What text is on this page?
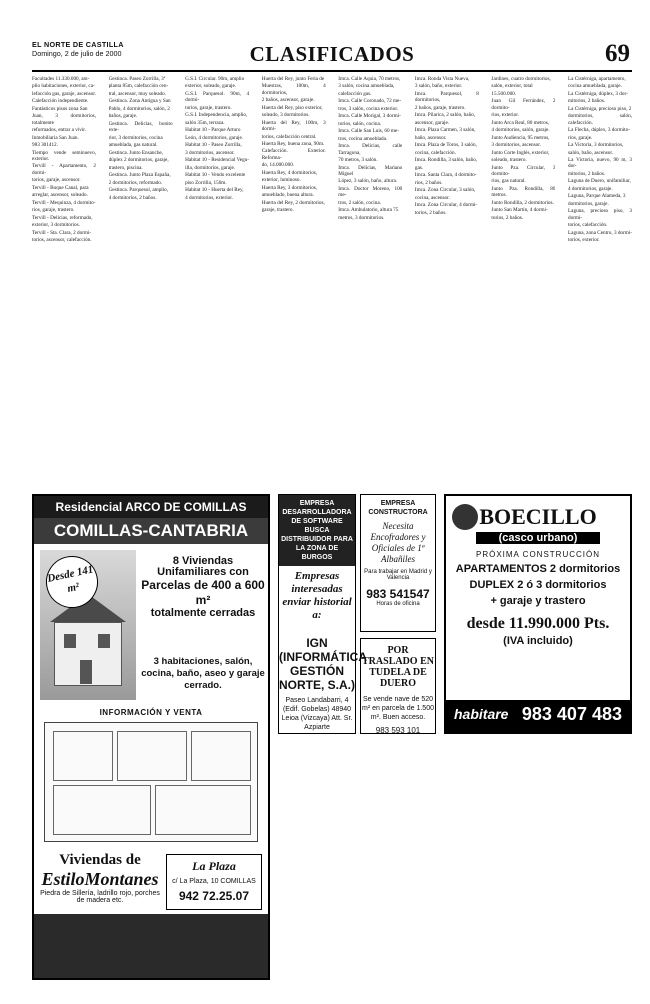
EL NORTE DE CASTILLA
Domingo, 2 de julio de 2000	CLASIFICADOS	69

Facultades 11.330.000, am-

plio habitaciones, exterior, ca-

lefacción gas, garaje, ascensor.

Calefacción independiente.

Fantásticos pisos zona San

Juan, 3 dormitorios, totalmente

reformados, entrar a vivir.

Inmobiliaria San Juan.

983 301412.

Tiempo vende seminuevo, exterior.

Tervill - Apartamento, 2 dormi-

torios, garaje, ascensor.

Tervill - Buque Canal, para

arreglar, ascensor, soleado.

Tervill - Mequinza, 4 dormito-

rios, garaje, trastero.

Tervill - Delicias, reformado,

exterior, 3 dormitorios.

Tervill - Sta. Clara, 2 dormi-

torios, ascensor, calefacción.

Gestinca. Paseo Zorrilla, 3ª

planta 85m, calefacción cen-

tral, ascensor, muy soleado.

Gestinca. Zona Antigua y San

Pablo, 4 dormitorios, salón, 2

baños, garaje.

Gestinca. Delicias, bonito exte-

rior, 3 dormitorios, cocina

amueblada, gas natural.

Gestinca. Junto Ensanche,

dúplex 2 dormitorios, garaje,

trastero, piscina.

Gestinca. Junto Plaza España,

2 dormitorios, reformado.

Gestinca. Parquesol, amplio,

4 dormitorios, 2 baños.

G.S.I. Circular. 90m, amplio

exterior, soleado, garaje.

G.S.I. Parquesol. 90m, 4 dormi-

torios, garaje, trastero.

G.S.I. Independencia, amplio,

salón 35m, terraza.

Habitat 10 - Parque Arturo

León, 4 dormitorios, garaje.

Habitat 10 - Paseo Zorrilla,

3 dormitorios, ascensor.

Habitat 10 - Residencial Vegu-

illa, dormitorios, garaje.

Habitat 10 - Vendo excelente

piso Zorrilla, 150m.

Habitat 10 - Huerta del Rey,

4 dormitorios, exterior.

Huerta del Rey, junto Feria de

Muestras, 100m, 4 dormitorios,

2 baños, ascensor, garaje.

Huerta del Rey, piso exterior,

soleado, 3 dormitorios.

Huerta del Rey, 100m, 3 dormi-

torios, calefacción central.

Huerta Rey, buena zona, 90m.

Calefacción. Exterior. Reforma-

do, 14.000.000.

Huerta Rey, 4 dormitorios,

exterior, luminoso.

Huerta Rey, 3 dormitorios,

amueblado, buena altura.

Huerta del Rey, 2 dormitorios,

garaje, trastero.

Imca. Calle Aquia, 70 metros,

3 salón, cocina amueblada,

calefacción gas.

Imca. Calle Coronado, 72 me-

tros, 3 salón, cocina exterior.

Imca. Calle Morigal, 3 dormi-

torios, salón, cocina.

Imca. Calle San Luis, 60 me-

tros, cocina amueblada.

Imca. Delicias, calle Tarragona,

70 metros, 3 salón.

Imca. Delicias, Mariano Miguel

López, 3 salón, baño, altura.

Imca. Doctor Moreno, 100 me-

tros, 2 salón, cocina.

Imca. Ambulatorio, altura 75

metros, 3 dormitorios.

Imca. Ronda Vista Nueva,

3 salón, baño, exterior.

Imca. Parquesol, 8 dormitorios,

2 baños, garaje, trastero.

Imca. Pilarica, 2 salón, baño,

ascensor, garaje.

Imca. Plaza Carmen, 3 salón,

baño, ascensor.

Imca. Plaza de Toros, 3 salón,

cocina, calefacción.

Imca. Rondilla, 3 salón, baño,

gas.

Imca. Santa Clara, 4 dormito-

rios, 2 baños.

Imca. Zona Circular, 3 salón,

cocina, ascensor.

Imca. Zona Circular, 4 dormi-

torios, 2 baños.

Jardines, cuatro dormitorios,

salón, exterior, total

15.500.000.

Juan Gil Ferrández, 2 dormito-

rios, exterior.

Junto Arca Real, 80 metros,

4 dormitorios, salón, garaje.

Junto Audiencia, 95 metros,

3 dormitorios, ascensor.

Junto Corte Inglés, exterior,

soleado, trastero.

Junto Pza. Circular, 3 dormito-

rios, gas natural.

Junto Pza. Rondilla, 80 metros.

Junto Rondilla, 2 dormitorios.

Junto San Martín, 4 dormi-

torios, 2 baños.

La Cistérniga, apartamento,

cocina amueblada, garaje.

La Cistérniga, dúplex, 3 dor-

mitorios, 2 baños.

La Cistérniga, precioso piso, 2

dormitorios, salón, calefacción.

La Flecha, dúplex, 3 dormito-

rios, garaje.

La Victoria, 3 dormitorios,

salón, baño, ascensor.

La Victoria, nuevo, 90 m, 3 dor-

mitorios, 2 baños.

Laguna de Duero, unifamiliar,

4 dormitorios, garaje.

Laguna, Parque Alameda, 3

dormitorios, garaje.

Laguna, precioso piso, 3 dormi-

torios, calefacción.

Laguna, zona Centro, 3 dormi-

torios, exterior.

Residencial ARCO DE COMILLAS
COMILLAS-CANTABRIA
Desde 141 m²
8 Viviendas Unifamiliares con
Parcelas de 400 a 600 m²
totalmente cerradas
3 habitaciones, salón, cocina, baño, aseo y garaje cerrado.
INFORMACIÓN Y VENTA
Viviendas de
EstiloMontanes
Piedra de Sillería, ladrillo rojo, porches de madera etc.
La Plaza
c/ La Plaza, 10 COMILLAS
942 72.25.07
EMPRESA DESARROLLADORA DE SOFTWARE BUSCA DISTRIBUIDOR PARA LA ZONA DE BURGOS
Empresas interesadas enviar historial a:
IGN (INFORMÁTICA GESTIÓN NORTE, S.A.)
Paseo Landabarri, 4 (Edif. Gobelas) 48940 Leioa (Vizcaya) Att. Sr. Azpiarte
EMPRESA CONSTRUCTORA
Necesita
Encofradores y Oficiales de 1ª Albañiles
Para trabajar en Madrid y Valencia
983 541547
Horas de oficina
POR TRASLADO EN TUDELA DE DUERO
Se vende nave de 520 m² en parcela de 1.500 m². Buen acceso.
983 593 101
BOECILLO
(casco urbano)
PRÓXIMA CONSTRUCCIÓN
APARTAMENTOS 2 dormitorios
DUPLEX 2 ó 3 dormitorios
+ garaje y trastero
desde 11.990.000 Pts.
(IVA incluido)
habitare 983 407 483
